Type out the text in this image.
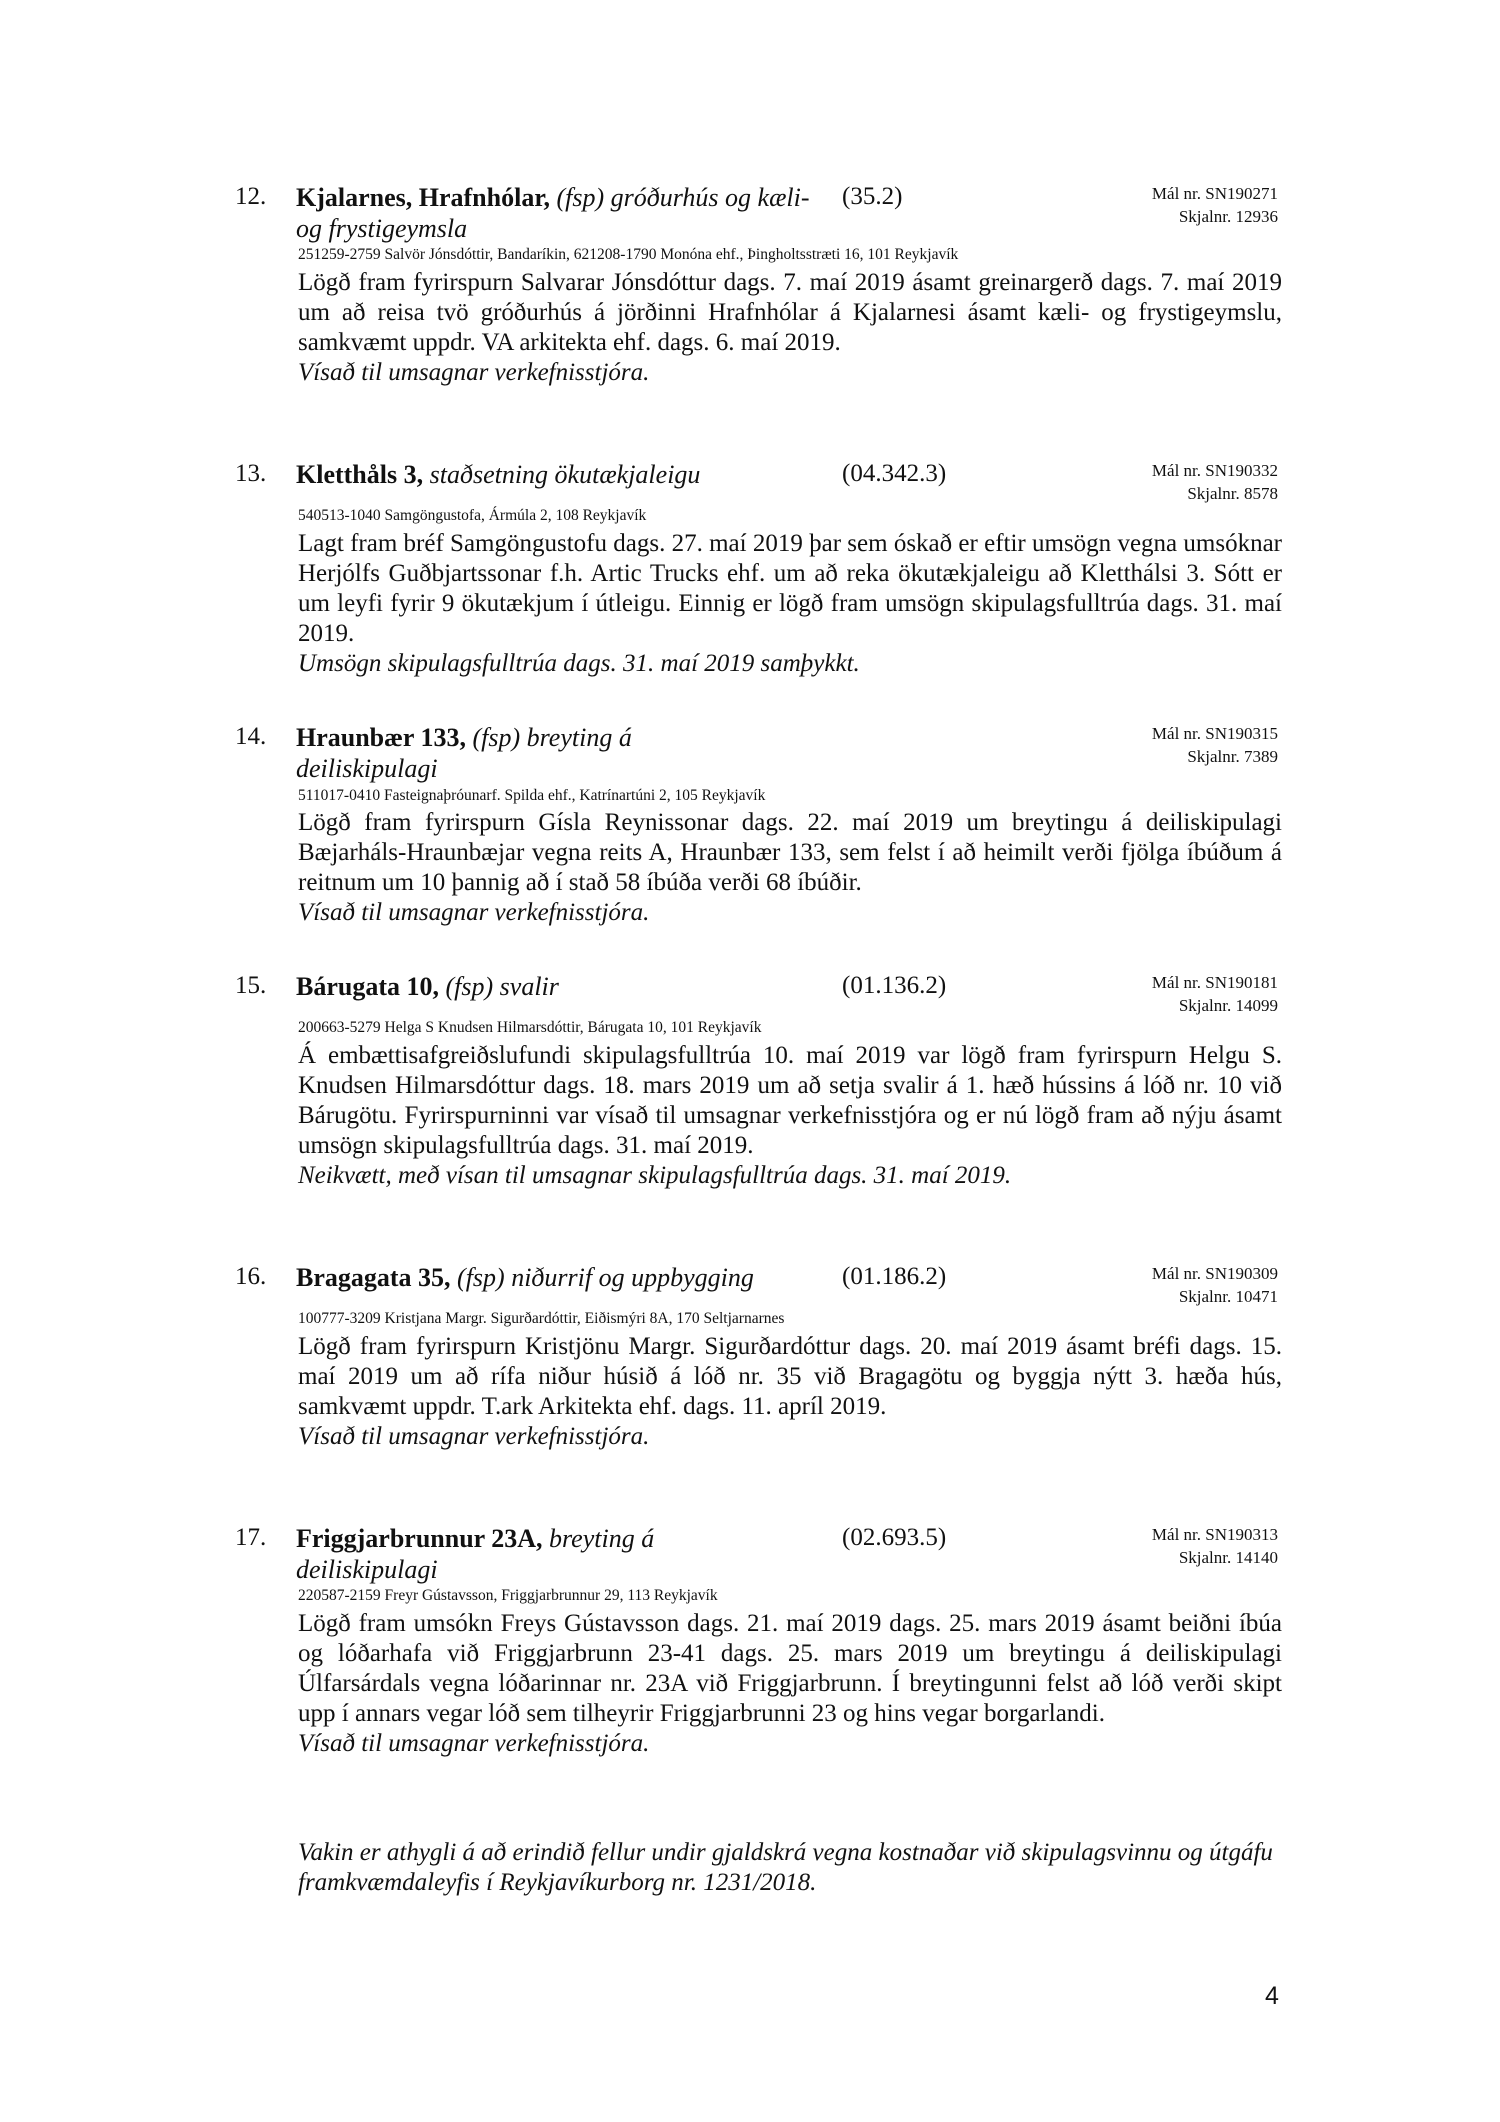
12. Kjalarnes, Hrafnhólar, (fsp) gróðurhús og kæli- og frystigeymsla
(35.2)	Mál nr. SN190271
Skjalnr. 12936
251259-2759 Salvör Jónsdóttir, Bandaríkin, 621208-1790 Monóna ehf., Þingholtsstræti 16, 101 Reykjavík

Lögð fram fyrirspurn Salvarar Jónsdóttur dags. 7. maí 2019 ásamt greinargerð dags. 7. maí 2019 um að reisa tvö gróðurhús á jörðinni Hrafnhólar á Kjalarnesi ásamt kæli- og frystigeymslu, samkvæmt uppdr. VA arkitekta ehf. dags. 6. maí 2019.

Vísað til umsagnar verkefnisstjóra.

13. Kletthåls 3, staðsetning ökutækjaleigu	(04.342.3)	Mál nr. SN190332
Skjalnr. 8578
540513-1040 Samgöngustofa, Ármúla 2, 108 Reykjavík

Lagt fram bréf Samgöngustofu dags. 27. maí 2019 þar sem óskað er eftir umsögn vegna umsóknar Herjólfs Guðbjartssonar f.h. Artic Trucks ehf. um að reka ökutækjaleigu að Kletthálsi 3. Sótt er um leyfi fyrir 9 ökutækjum í útleigu. Einnig er lögð fram umsögn skipulagsfulltrúa dags. 31. maí 2019.

Umsögn skipulagsfulltrúa dags. 31. maí 2019 samþykkt.

14. Hraunbær 133, (fsp) breyting á deiliskipulagi
Mál nr. SN190315
Skjalnr. 7389
511017-0410 Fasteignaþróunarf. Spilda ehf., Katrínartúni 2, 105 Reykjavík

Lögð fram fyrirspurn Gísla Reynissonar dags. 22. maí 2019 um breytingu á deiliskipulagi Bæjarháls-Hraunbæjar vegna reits A, Hraunbær 133, sem felst í að heimilt verði fjölga íbúðum á reitnum um 10 þannig að í stað 58 íbúða verði 68 íbúðir.

Vísað til umsagnar verkefnisstjóra.

15. Bárugata 10, (fsp) svalir	(01.136.2)	Mál nr. SN190181
Skjalnr. 14099
200663-5279 Helga S Knudsen Hilmarsdóttir, Bárugata 10, 101 Reykjavík

Á embættisafgreiðslufundi skipulagsfulltrúa 10. maí 2019 var lögð fram fyrirspurn Helgu S. Knudsen Hilmarsdóttur dags. 18. mars 2019 um að setja svalir á 1. hæð hússins á lóð nr. 10 við Bárugötu. Fyrirspurninni var vísað til umsagnar verkefnisstjóra og er nú lögð fram að nýju ásamt umsögn skipulagsfulltrúa dags. 31. maí 2019.

Neikvætt, með vísan til umsagnar skipulagsfulltrúa dags. 31. maí 2019.

16. Bragagata 35, (fsp) niðurrif og uppbygging	(01.186.2)	Mál nr. SN190309
Skjalnr. 10471
100777-3209 Kristjana Margr. Sigurðardóttir, Eiðismýri 8A, 170 Seltjarnarnes

Lögð fram fyrirspurn Kristjönu Margr. Sigurðardóttur dags. 20. maí 2019 ásamt bréfi dags. 15. maí 2019 um að rífa niður húsið á lóð nr. 35 við Bragagötu og byggja nýtt 3. hæða hús, samkvæmt uppdr. T.ark Arkitekta ehf. dags. 11. apríl 2019.

Vísað til umsagnar verkefnisstjóra.

17. Friggjarbrunnur 23A, breyting á deiliskipulagi
(02.693.5)	Mál nr. SN190313
Skjalnr. 14140
220587-2159 Freyr Gústavsson, Friggjarbrunnur 29, 113 Reykjavík

Lögð fram umsókn Freys Gústavsson dags. 21. maí 2019 dags. 25. mars 2019 ásamt beiðni íbúa og lóðarhafa við Friggjarbrunn 23-41 dags. 25. mars 2019 um breytingu á deiliskipulagi Úlfarsárdals vegna lóðarinnar nr. 23A við Friggjarbrunn. Í breytingunni felst að lóð verði skipt upp í annars vegar lóð sem tilheyrir Friggjarbrunni 23 og hins vegar borgarlandi.

Vísað til umsagnar verkefnisstjóra.

Vakin er athygli á að erindið fellur undir gjaldskrá vegna kostnaðar við skipulagsvinnu og útgáfu framkvæmdaleyfis í Reykjavíkurborg nr. 1231/2018.
4
